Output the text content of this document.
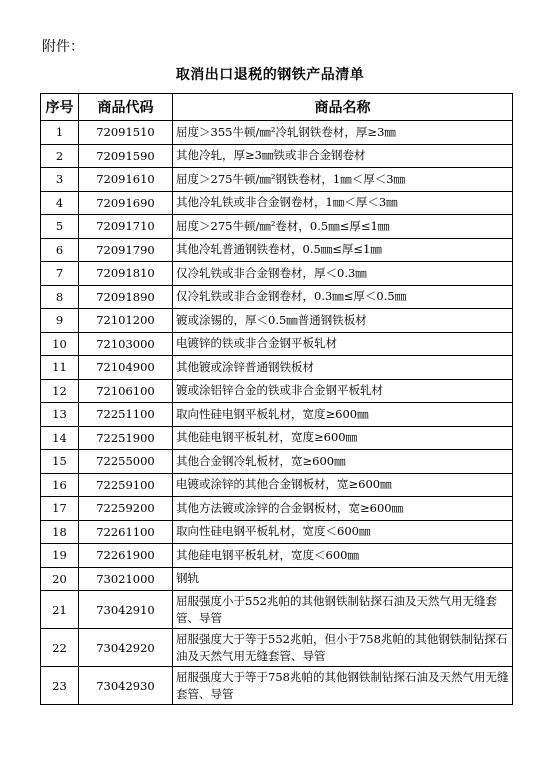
附件：
取消出口退税的钢铁产品清单
序号	商品代码	商品名称
1	72091510	屈度＞355牛顿/㎜²冷轧钢铁卷材，厚≥3㎜
2	72091590	其他冷轧，厚≥3㎜铁或非合金钢卷材
3	72091610	屈度＞275牛顿/㎜²钢铁卷材，1㎜＜厚＜3㎜
4	72091690	其他冷轧铁或非合金钢卷材，1㎜＜厚＜3㎜
5	72091710	屈度＞275牛顿/㎜²卷材，0.5㎜≤厚≤1㎜
6	72091790	其他冷轧普通钢铁卷材，0.5㎜≤厚≤1㎜
7	72091810	仅冷轧铁或非合金钢卷材，厚＜0.3㎜
8	72091890	仅冷轧铁或非合金钢卷材，0.3㎜≤厚＜0.5㎜
9	72101200	镀或涂锡的，厚＜0.5㎜普通钢铁板材
10	72103000	电镀锌的铁或非合金钢平板轧材
11	72104900	其他镀或涂锌普通钢铁板材
12	72106100	镀或涂铝锌合金的铁或非合金钢平板轧材
13	72251100	取向性硅电钢平板轧材，宽度≥600㎜
14	72251900	其他硅电钢平板轧材，宽度≥600㎜
15	72255000	其他合金钢冷轧板材，宽≥600㎜
16	72259100	电镀或涂锌的其他合金钢板材，宽≥600㎜
17	72259200	其他方法镀或涂锌的合金钢板材，宽≥600㎜
18	72261100	取向性硅电钢平板轧材，宽度＜600㎜
19	72261900	其他硅电钢平板轧材，宽度＜600㎜
20	73021000	钢轨
21	73042910	屈服强度小于552兆帕的其他钢铁制钻探石油及天然气用无缝套管、导管
22	73042920	屈服强度大于等于552兆帕，但小于758兆帕的其他钢铁制钻探石油及天然气用无缝套管、导管
23	73042930	屈服强度大于等于758兆帕的其他钢铁制钻探石油及天然气用无缝套管、导管
